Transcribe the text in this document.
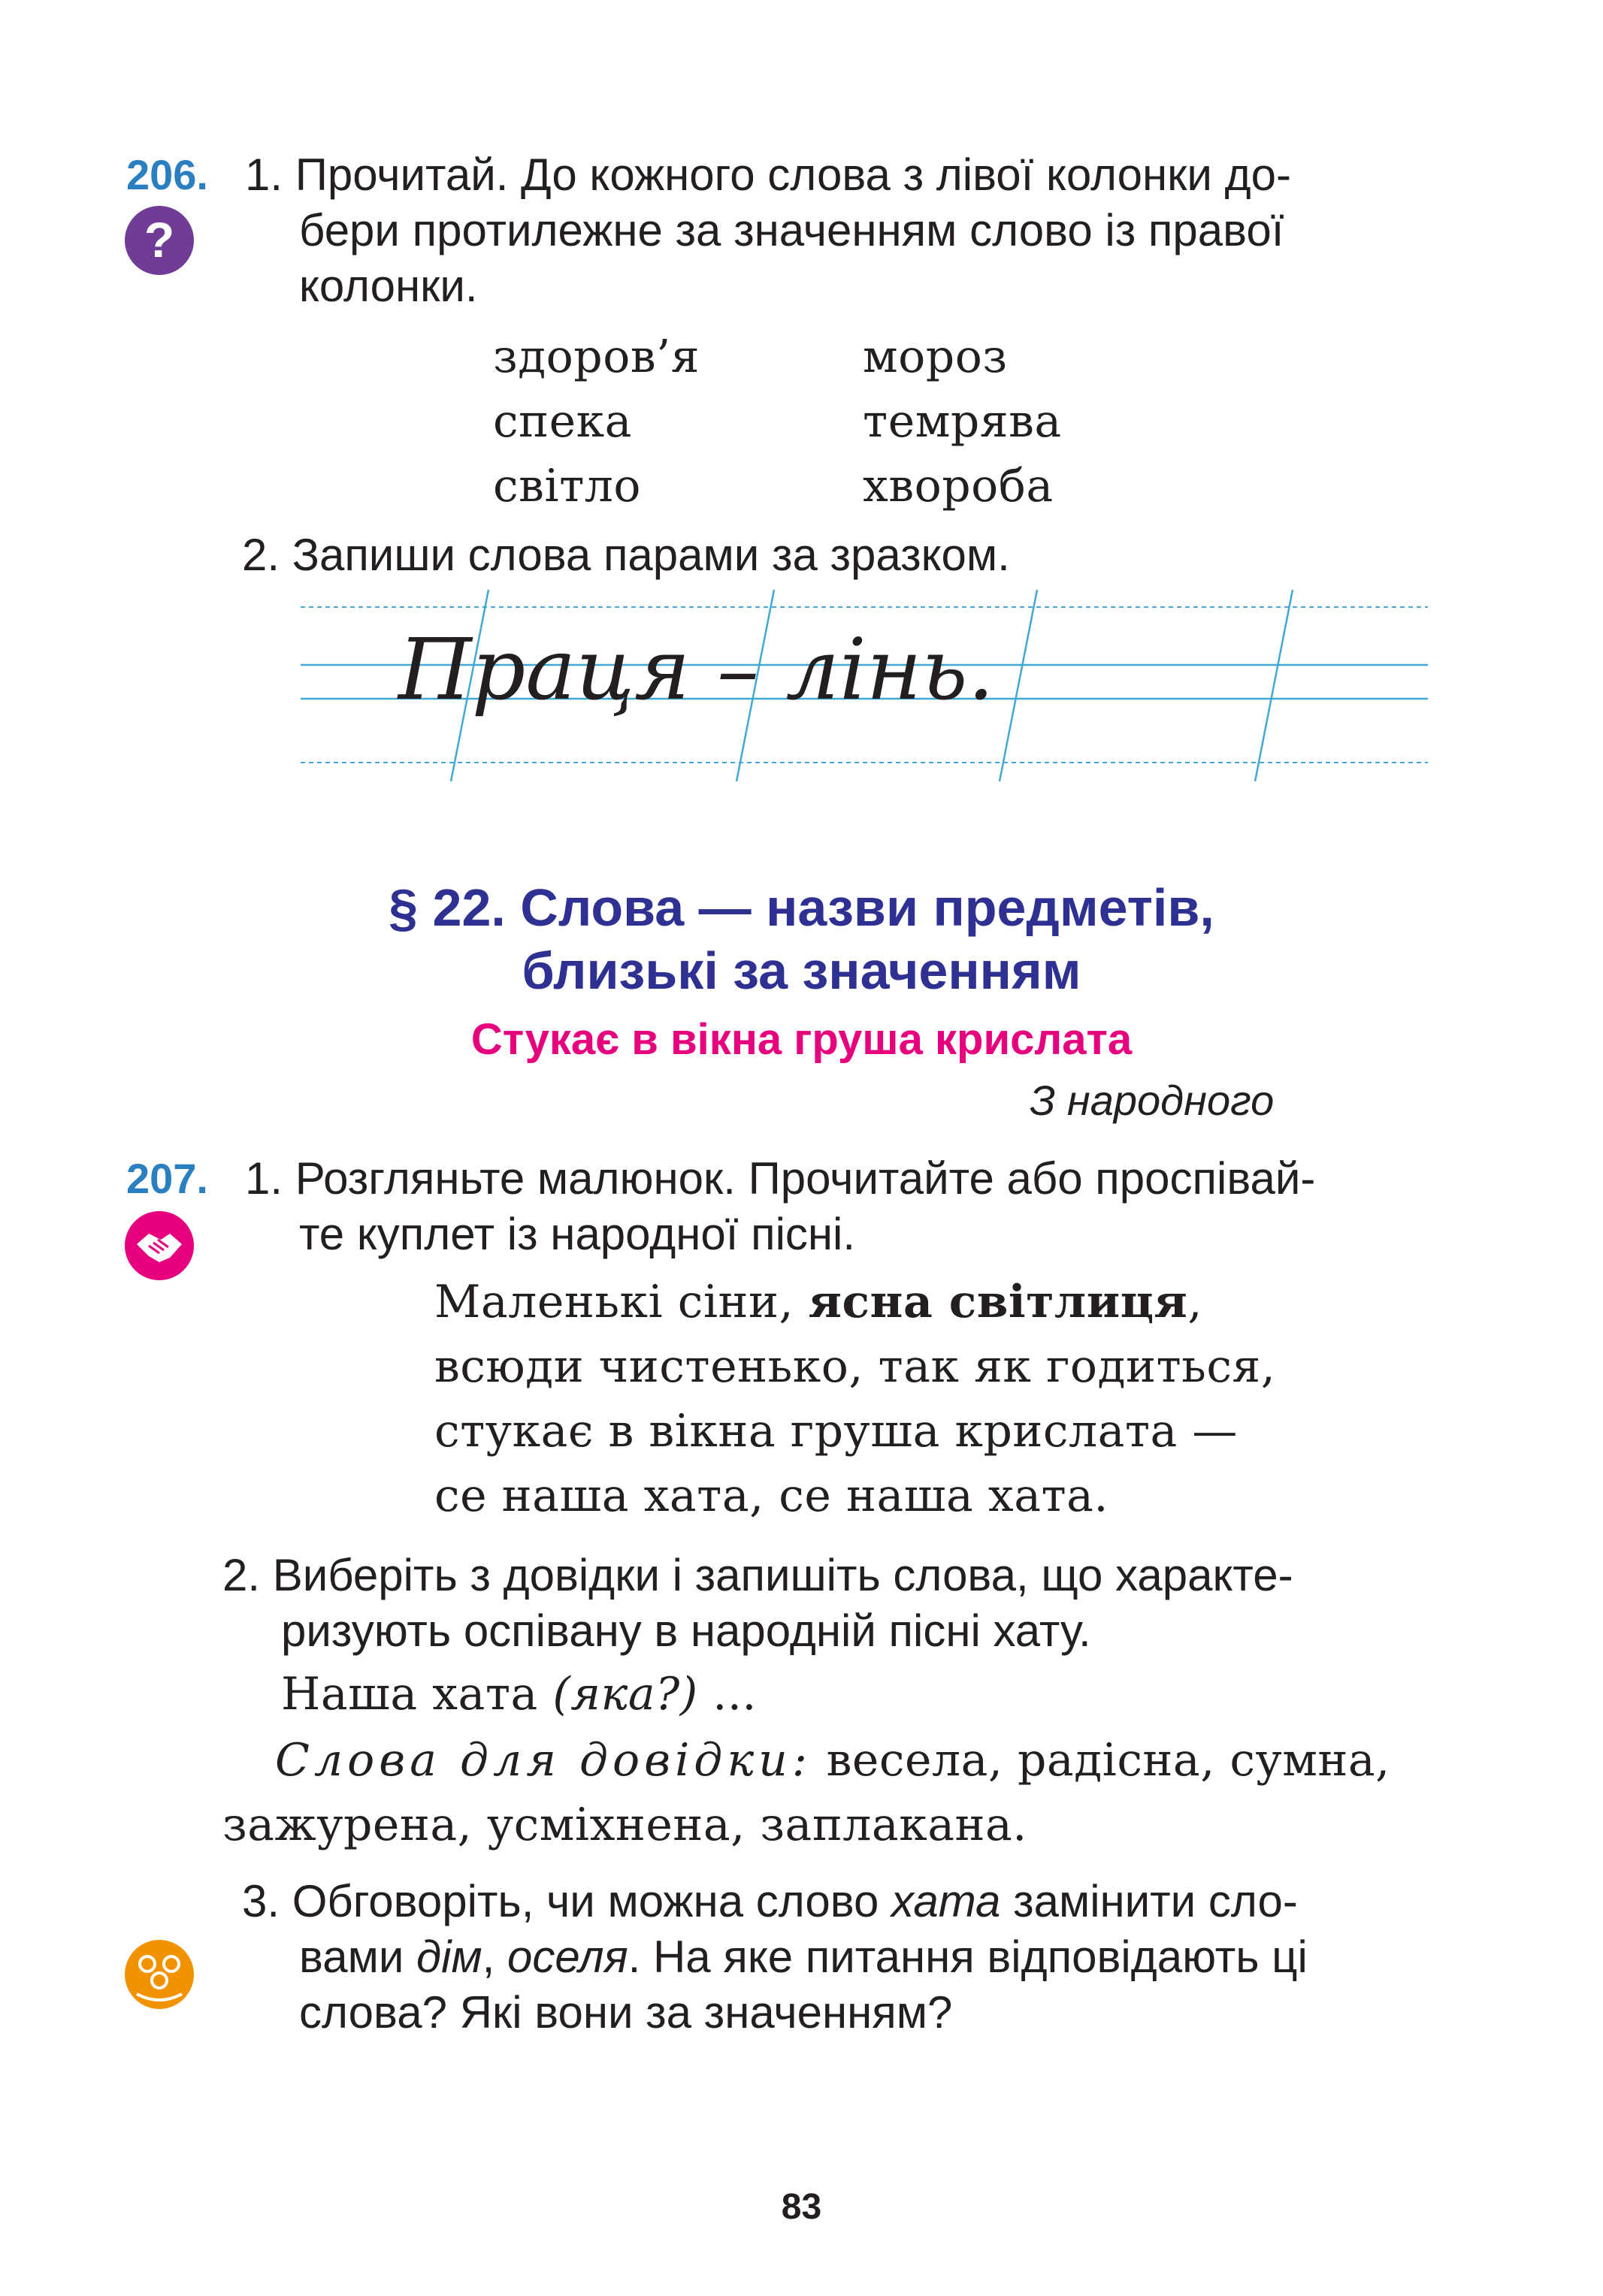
206.
?
1. Прочитай. До кожного слова з лівої колонки до-
бери протилежне за значенням слово із правої
колонки.
здоров’я
спека
світло
мороз
темрява
хвороба
2. Запиши слова парами за зразком.
Праця – лінь.
§ 22. Слова — назви предметів,
близькі за значенням
Стукає в вікна груша крислата
З народного
207. 1. Розгляньте малюнок. Прочитайте або проспівай-
те куплет із народної пісні.
Маленькі сіни, ясна світлиця,
всюди чистенько, так як годиться,
стукає в вікна груша крислата —
се наша хата, се наша хата.
2. Виберіть з довідки і запишіть слова, що характе-
ризують оспівану в народній пісні хату.
Наша хата (яка?) ...
Слова для довідки: весела, радісна, сумна,
зажурена, усміхнена, заплакана.
3. Обговоріть, чи можна слово хата замінити сло-
вами дім, оселя. На яке питання відповідають ці
слова? Які вони за значенням?
83
